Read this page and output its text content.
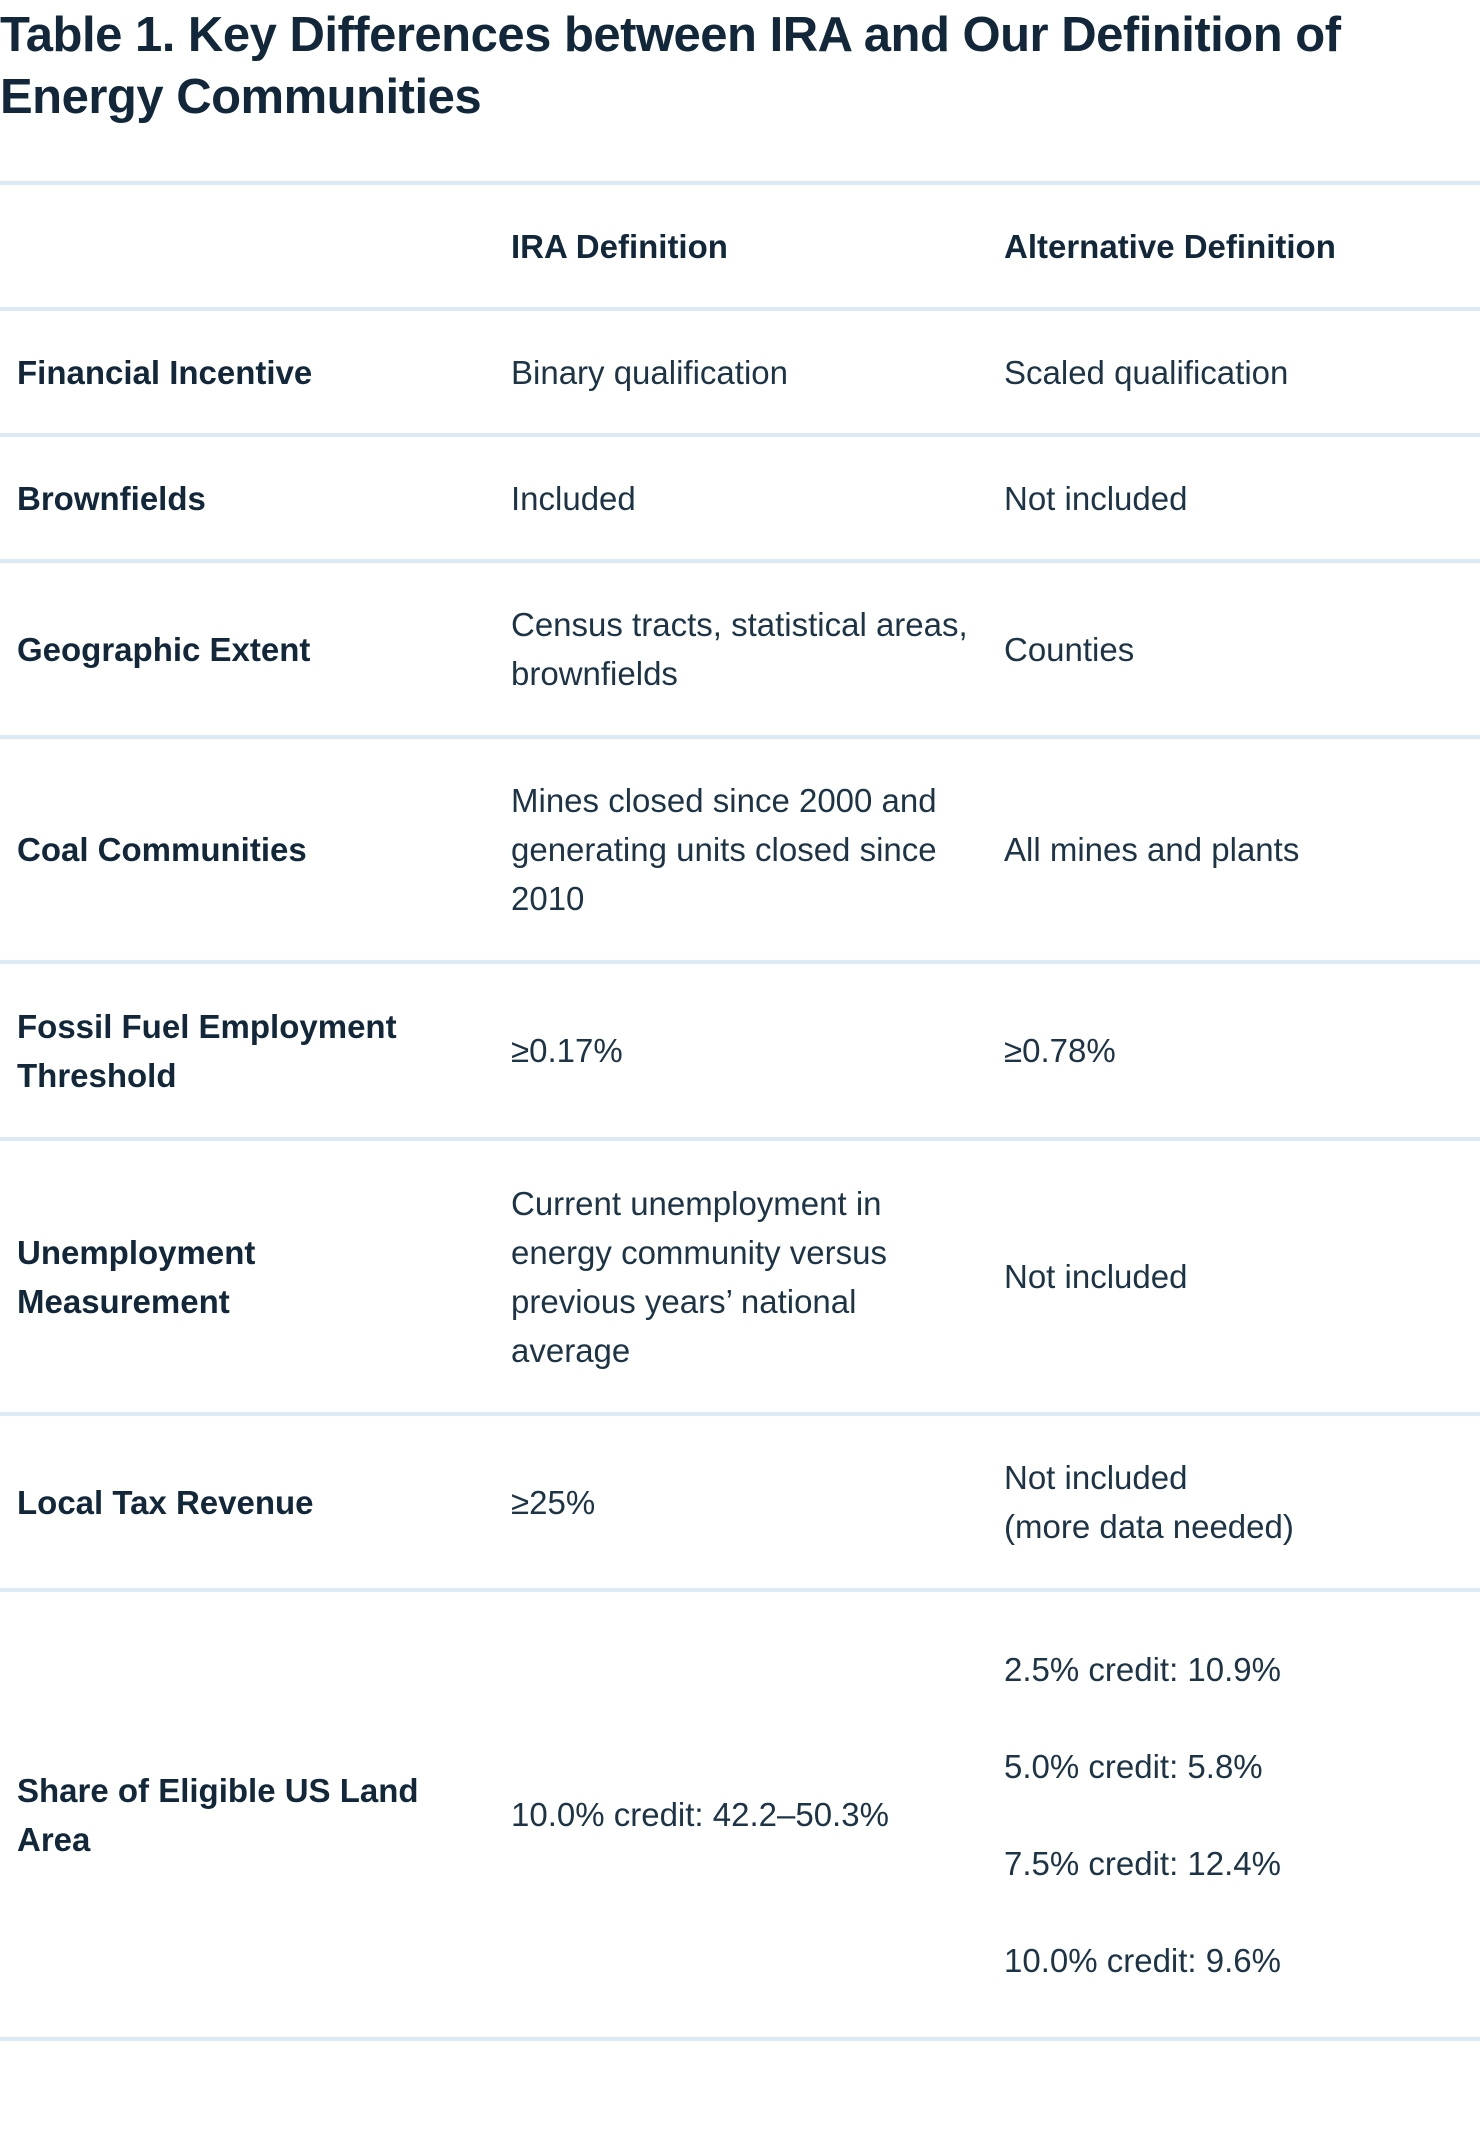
Table 1. Key Differences between IRA and Our Definition of
Energy Communities
	IRA Definition	Alternative Definition
Financial Incentive	Binary qualification	Scaled qualification
Brownfields	Included	Not included
Geographic Extent	Census tracts, statistical areas, brownfields	Counties
Coal Communities	Mines closed since 2000 and generating units closed since 2010	All mines and plants
Fossil Fuel Employment Threshold	≥0.17%	≥0.78%
Unemployment Measurement	Current unemployment in energy community versus previous years’ national average	Not included
Local Tax Revenue	≥25%	Not included
(more data needed)

Share of Eligible US Land Area	10.0% credit: 42.2–50.3%	2.5% credit: 10.9%
5.0% credit: 5.8%
7.5% credit: 12.4%
10.0% credit: 9.6%
